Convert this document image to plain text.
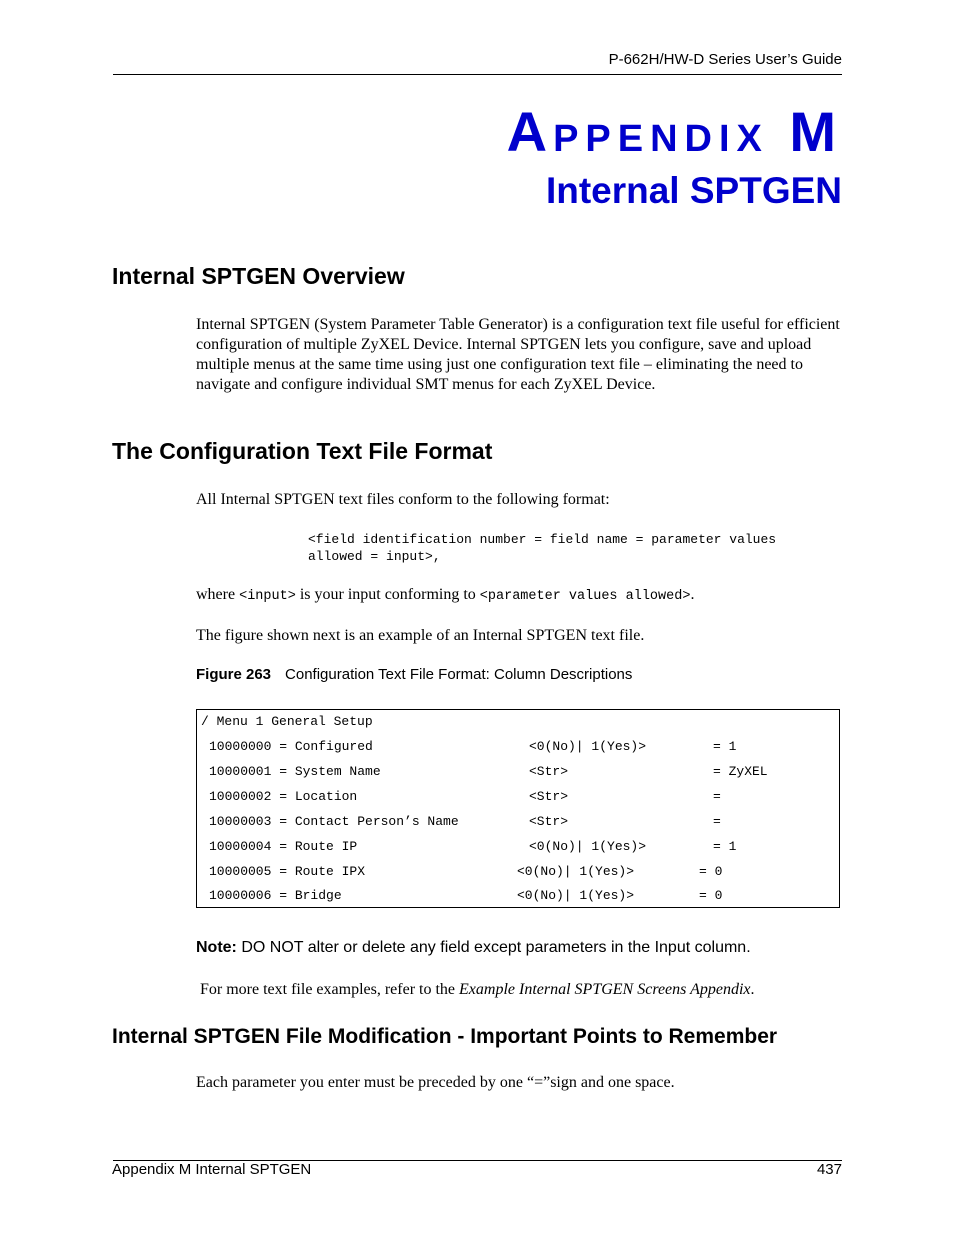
P-662H/HW-D Series User’s Guide
APPENDIX M
Internal SPTGEN
Internal SPTGEN Overview
Internal SPTGEN (System Parameter Table Generator) is a configuration text file useful for efficient configuration of multiple ZyXEL Device. Internal SPTGEN lets you configure, save and upload multiple menus at the same time using just one configuration text file – eliminating the need to navigate and configure individual SMT menus for each ZyXEL Device.
The Configuration Text File Format
All Internal SPTGEN text files conform to the following format:
<field identification number = field name = parameter values
allowed = input>,
where <input> is your input conforming to <parameter values allowed>.
The figure shown next is an example of an Internal SPTGEN text file.
Figure 263 Configuration Text File Format: Column Descriptions
/ Menu 1 General Setup
10000000 = Configured	<0(No)| 1(Yes)>	= 1
10000001 = System Name	<Str>	= ZyXEL
10000002 = Location	<Str>	=
10000003 = Contact Person’s Name	<Str>	=
10000004 = Route IP	<0(No)| 1(Yes)>	= 1
10000005 = Route IPX	<0(No)| 1(Yes)>	= 0
10000006 = Bridge	<0(No)| 1(Yes)>	= 0
Note: DO NOT alter or delete any field except parameters in the Input column.
For more text file examples, refer to the Example Internal SPTGEN Screens Appendix.
Internal SPTGEN File Modification - Important Points to Remember
Each parameter you enter must be preceded by one “=”sign and one space.
Appendix M Internal SPTGEN	437
